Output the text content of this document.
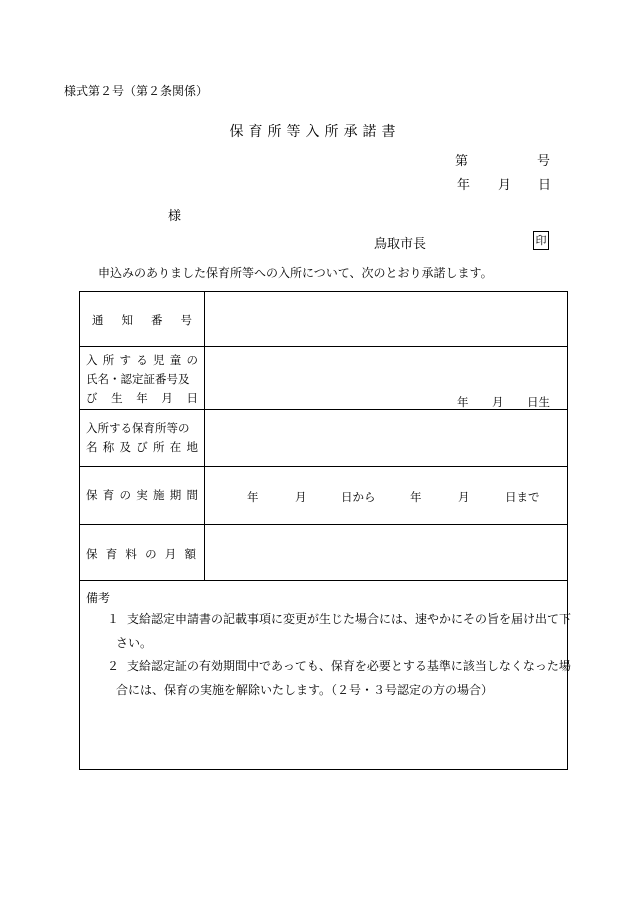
様式第２号（第２条関係）
保育所等入所承諾書
第	号
年 月 日
様
鳥取市長	印
申込みのありました保育所等への入所について、次のとおり承諾します。
通 知 番 号
入 所 す る 児 童 の
氏名・認定証番号及
び 生 年 月 日	年 月 日生
入所する保育所等の
名 称 及 び 所 在 地
保 育 の 実 施 期 間	年	月	日から	年	月	日まで
保 育 料 の 月 額
備考
１ 支給認定申請書の記載事項に変更が生じた場合には、速やかにその旨を届け出て下
さい。
２ 支給認定証の有効期間中であっても、保育を必要とする基準に該当しなくなった場
合には、保育の実施を解除いたします。（２号・３号認定の方の場合）
